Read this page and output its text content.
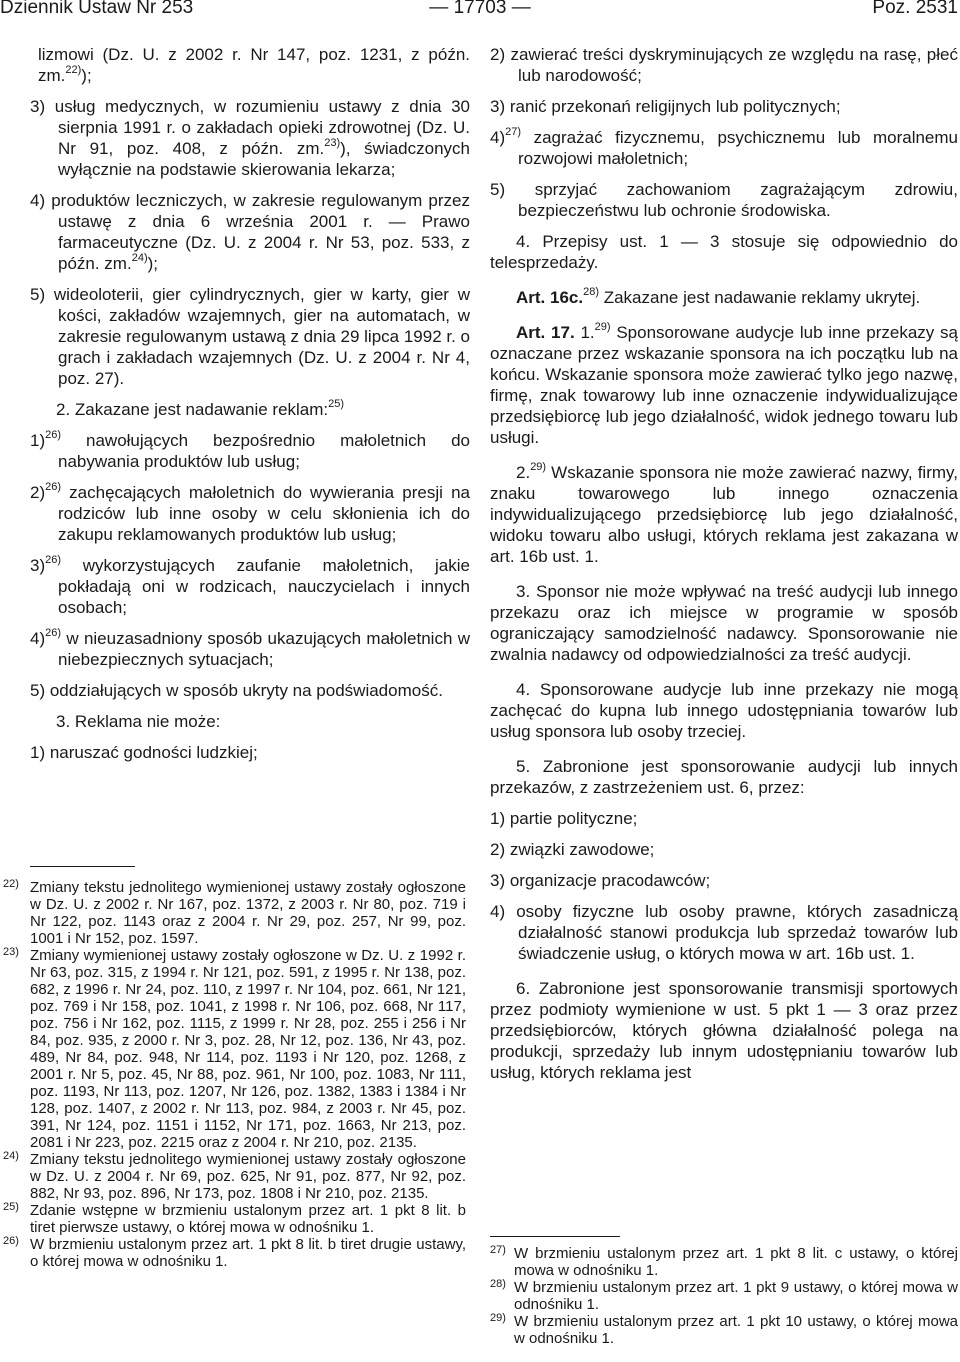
Dziennik Ustaw Nr 253	— 17703 —	Poz. 2531

lizmowi (Dz. U. z 2002 r. Nr 147, poz. 1231, z późn. zm.$^{22)}$);

3) usług medycznych, w rozumieniu ustawy z dnia 30 sierpnia 1991 r. o zakładach opieki zdrowotnej (Dz. U. Nr 91, poz. 408, z późn. zm.$^{23)}$), świadczonych wyłącznie na podstawie skierowania lekarza;

4) produktów leczniczych, w zakresie regulowanym przez ustawę z dnia 6 września 2001 r. — Prawo farmaceutyczne (Dz. U. z 2004 r. Nr 53, poz. 533, z późn. zm.$^{24)}$);

5) wideoloterii, gier cylindrycznych, gier w karty, gier w kości, zakładów wzajemnych, gier na automatach, w zakresie regulowanym ustawą z dnia 29 lipca 1992 r. o grach i zakładach wzajemnych (Dz. U. z 2004 r. Nr 4, poz. 27).

2. Zakazane jest nadawanie reklam:$^{25)}$

1)$^{26)}$ nawołujących bezpośrednio małoletnich do nabywania produktów lub usług;

2)$^{26)}$ zachęcających małoletnich do wywierania presji na rodziców lub inne osoby w celu skłonienia ich do zakupu reklamowanych produktów lub usług;

3)$^{26)}$ wykorzystujących zaufanie małoletnich, jakie pokładają oni w rodzicach, nauczycielach i innych osobach;

4)$^{26)}$ w nieuzasadniony sposób ukazujących małoletnich w niebezpiecznych sytuacjach;

5) oddziałujących w sposób ukryty na podświadomość.

3. Reklama nie może:

1) naruszać godności ludzkiej;

22) Zmiany tekstu jednolitego wymienionej ustawy zostały ogłoszone w Dz. U. z 2002 r. Nr 167, poz. 1372, z 2003 r. Nr 80, poz. 719 i Nr 122, poz. 1143 oraz z 2004 r. Nr 29, poz. 257, Nr 99, poz. 1001 i Nr 152, poz. 1597.

23) Zmiany wymienionej ustawy zostały ogłoszone w Dz. U. z 1992 r. Nr 63, poz. 315, z 1994 r. Nr 121, poz. 591, z 1995 r. Nr 138, poz. 682, z 1996 r. Nr 24, poz. 110, z 1997 r. Nr 104, poz. 661, Nr 121, poz. 769 i Nr 158, poz. 1041, z 1998 r. Nr 106, poz. 668, Nr 117, poz. 756 i Nr 162, poz. 1115, z 1999 r. Nr 28, poz. 255 i 256 i Nr 84, poz. 935, z 2000 r. Nr 3, poz. 28, Nr 12, poz. 136, Nr 43, poz. 489, Nr 84, poz. 948, Nr 114, poz. 1193 i Nr 120, poz. 1268, z 2001 r. Nr 5, poz. 45, Nr 88, poz. 961, Nr 100, poz. 1083, Nr 111, poz. 1193, Nr 113, poz. 1207, Nr 126, poz. 1382, 1383 i 1384 i Nr 128, poz. 1407, z 2002 r. Nr 113, poz. 984, z 2003 r. Nr 45, poz. 391, Nr 124, poz. 1151 i 1152, Nr 171, poz. 1663, Nr 213, poz. 2081 i Nr 223, poz. 2215 oraz z 2004 r. Nr 210, poz. 2135.

24) Zmiany tekstu jednolitego wymienionej ustawy zostały ogłoszone w Dz. U. z 2004 r. Nr 69, poz. 625, Nr 91, poz. 877, Nr 92, poz. 882, Nr 93, poz. 896, Nr 173, poz. 1808 i Nr 210, poz. 2135.

25) Zdanie wstępne w brzmieniu ustalonym przez art. 1 pkt 8 lit. b tiret pierwsze ustawy, o której mowa w odnośniku 1.

26) W brzmieniu ustalonym przez art. 1 pkt 8 lit. b tiret drugie ustawy, o której mowa w odnośniku 1.

2) zawierać treści dyskryminujących ze względu na rasę, płeć lub narodowość;

3) ranić przekonań religijnych lub politycznych;

4)$^{27)}$ zagrażać fizycznemu, psychicznemu lub moralnemu rozwojowi małoletnich;

5) sprzyjać zachowaniom zagrażającym zdrowiu, bezpieczeństwu lub ochronie środowiska.

4. Przepisy ust. 1 — 3 stosuje się odpowiednio do telesprzedaży.

Art. 16c.$^{28)}$ Zakazane jest nadawanie reklamy ukrytej.

Art. 17. 1.$^{29)}$ Sponsorowane audycje lub inne przekazy są oznaczane przez wskazanie sponsora na ich początku lub na końcu. Wskazanie sponsora może zawierać tylko jego nazwę, firmę, znak towarowy lub inne oznaczenie indywidualizujące przedsiębiorcę lub jego działalność, widok jednego towaru lub usługi.

2.$^{29)}$ Wskazanie sponsora nie może zawierać nazwy, firmy, znaku towarowego lub innego oznaczenia indywidualizującego przedsiębiorcę lub jego działalność, widoku towaru albo usługi, których reklama jest zakazana w art. 16b ust. 1.

3. Sponsor nie może wpływać na treść audycji lub innego przekazu oraz ich miejsce w programie w sposób ograniczający samodzielność nadawcy. Sponsorowanie nie zwalnia nadawcy od odpowiedzialności za treść audycji.

4. Sponsorowane audycje lub inne przekazy nie mogą zachęcać do kupna lub innego udostępniania towarów lub usług sponsora lub osoby trzeciej.

5. Zabronione jest sponsorowanie audycji lub innych przekazów, z zastrzeżeniem ust. 6, przez:

1) partie polityczne;

2) związki zawodowe;

3) organizacje pracodawców;

4) osoby fizyczne lub osoby prawne, których zasadniczą działalność stanowi produkcja lub sprzedaż towarów lub świadczenie usług, o których mowa w art. 16b ust. 1.

6. Zabronione jest sponsorowanie transmisji sportowych przez podmioty wymienione w ust. 5 pkt 1 — 3 oraz przez przedsiębiorców, których główna działalność polega na produkcji, sprzedaży lub innym udostępnianiu towarów lub usług, których reklama jest

27) W brzmieniu ustalonym przez art. 1 pkt 8 lit. c ustawy, o której mowa w odnośniku 1.

28) W brzmieniu ustalonym przez art. 1 pkt 9 ustawy, o której mowa w odnośniku 1.

29) W brzmieniu ustalonym przez art. 1 pkt 10 ustawy, o której mowa w odnośniku 1.
